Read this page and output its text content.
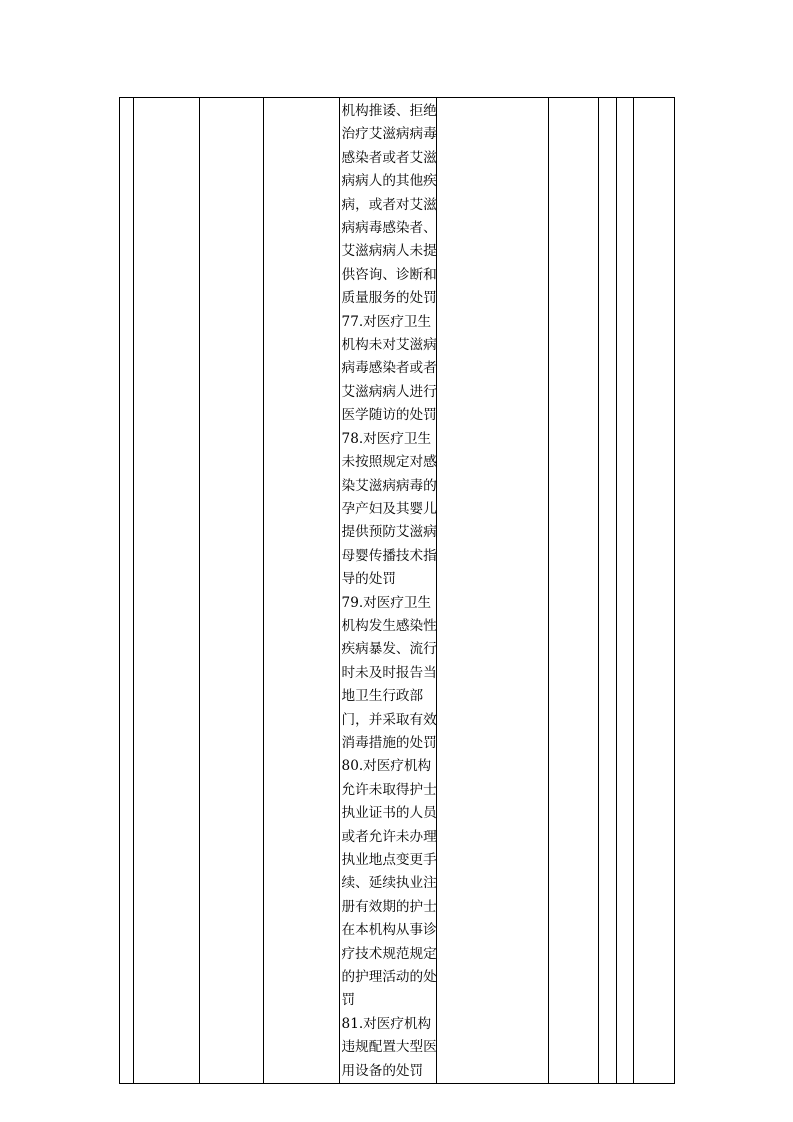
机构推诿、拒绝
治疗艾滋病病毒
感染者或者艾滋
病病人的其他疾
病，或者对艾滋
病病毒感染者、
艾滋病病人未提
供咨询、诊断和
质量服务的处罚
77.对医疗卫生
机构未对艾滋病
病毒感染者或者
艾滋病病人进行
医学随访的处罚
78.对医疗卫生
未按照规定对感
染艾滋病病毒的
孕产妇及其婴儿
提供预防艾滋病
母婴传播技术指
导的处罚
79.对医疗卫生
机构发生感染性
疾病暴发、流行
时未及时报告当
地卫生行政部
门，并采取有效
消毒措施的处罚
80.对医疗机构
允许未取得护士
执业证书的人员
或者允许未办理
执业地点变更手
续、延续执业注
册有效期的护士
在本机构从事诊
疗技术规范规定
的护理活动的处
罚
81.对医疗机构
违规配置大型医
用设备的处罚
